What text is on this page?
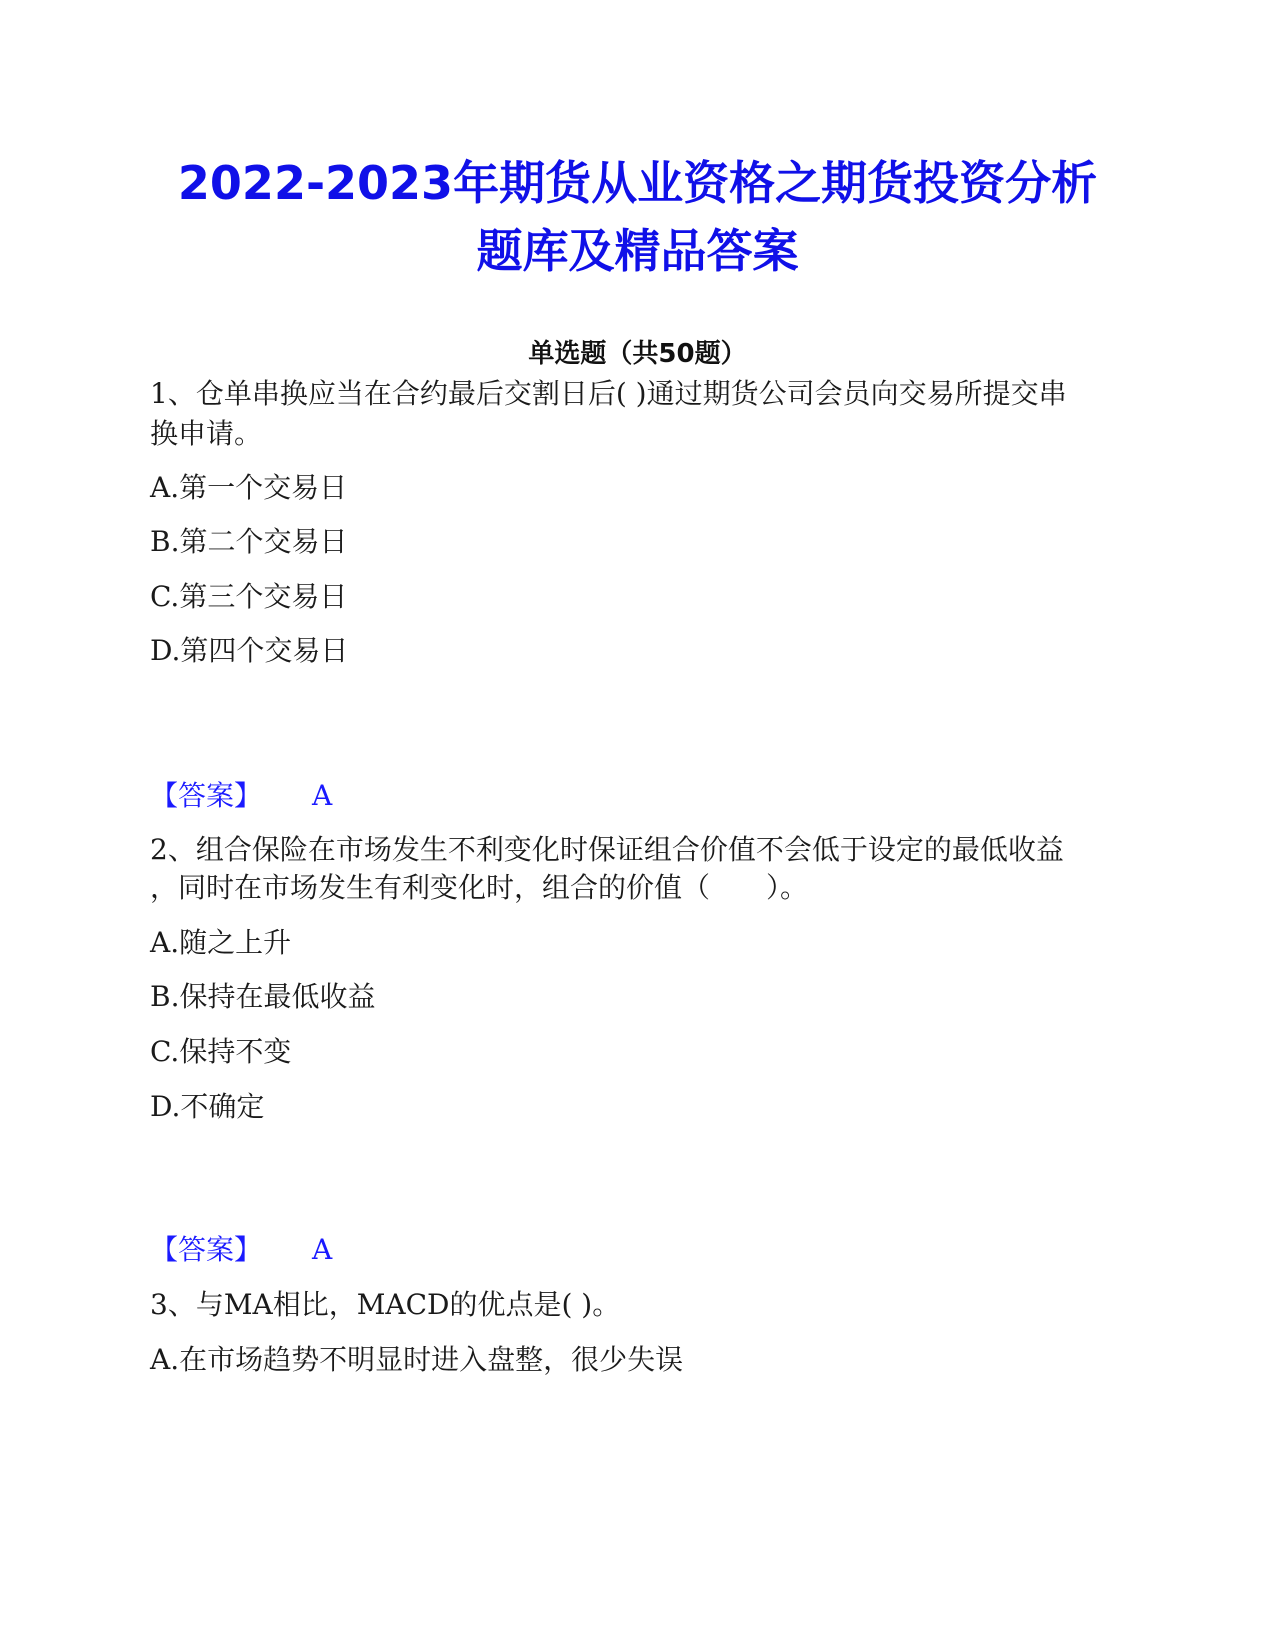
2022-2023年期货从业资格之期货投资分析
题库及精品答案
单选题（共50题）
1、仓单串换应当在合约最后交割日后( )通过期货公司会员向交易所提交串
换申请。
A.第一个交易日
B.第二个交易日
C.第三个交易日
D.第四个交易日
【答案】 A
2、组合保险在市场发生不利变化时保证组合价值不会低于设定的最低收益
，同时在市场发生有利变化时，组合的价值（　　）。
A.随之上升
B.保持在最低收益
C.保持不变
D.不确定
【答案】 A
3、与MA相比，MACD的优点是( )。
A.在市场趋势不明显时进入盘整，很少失误
